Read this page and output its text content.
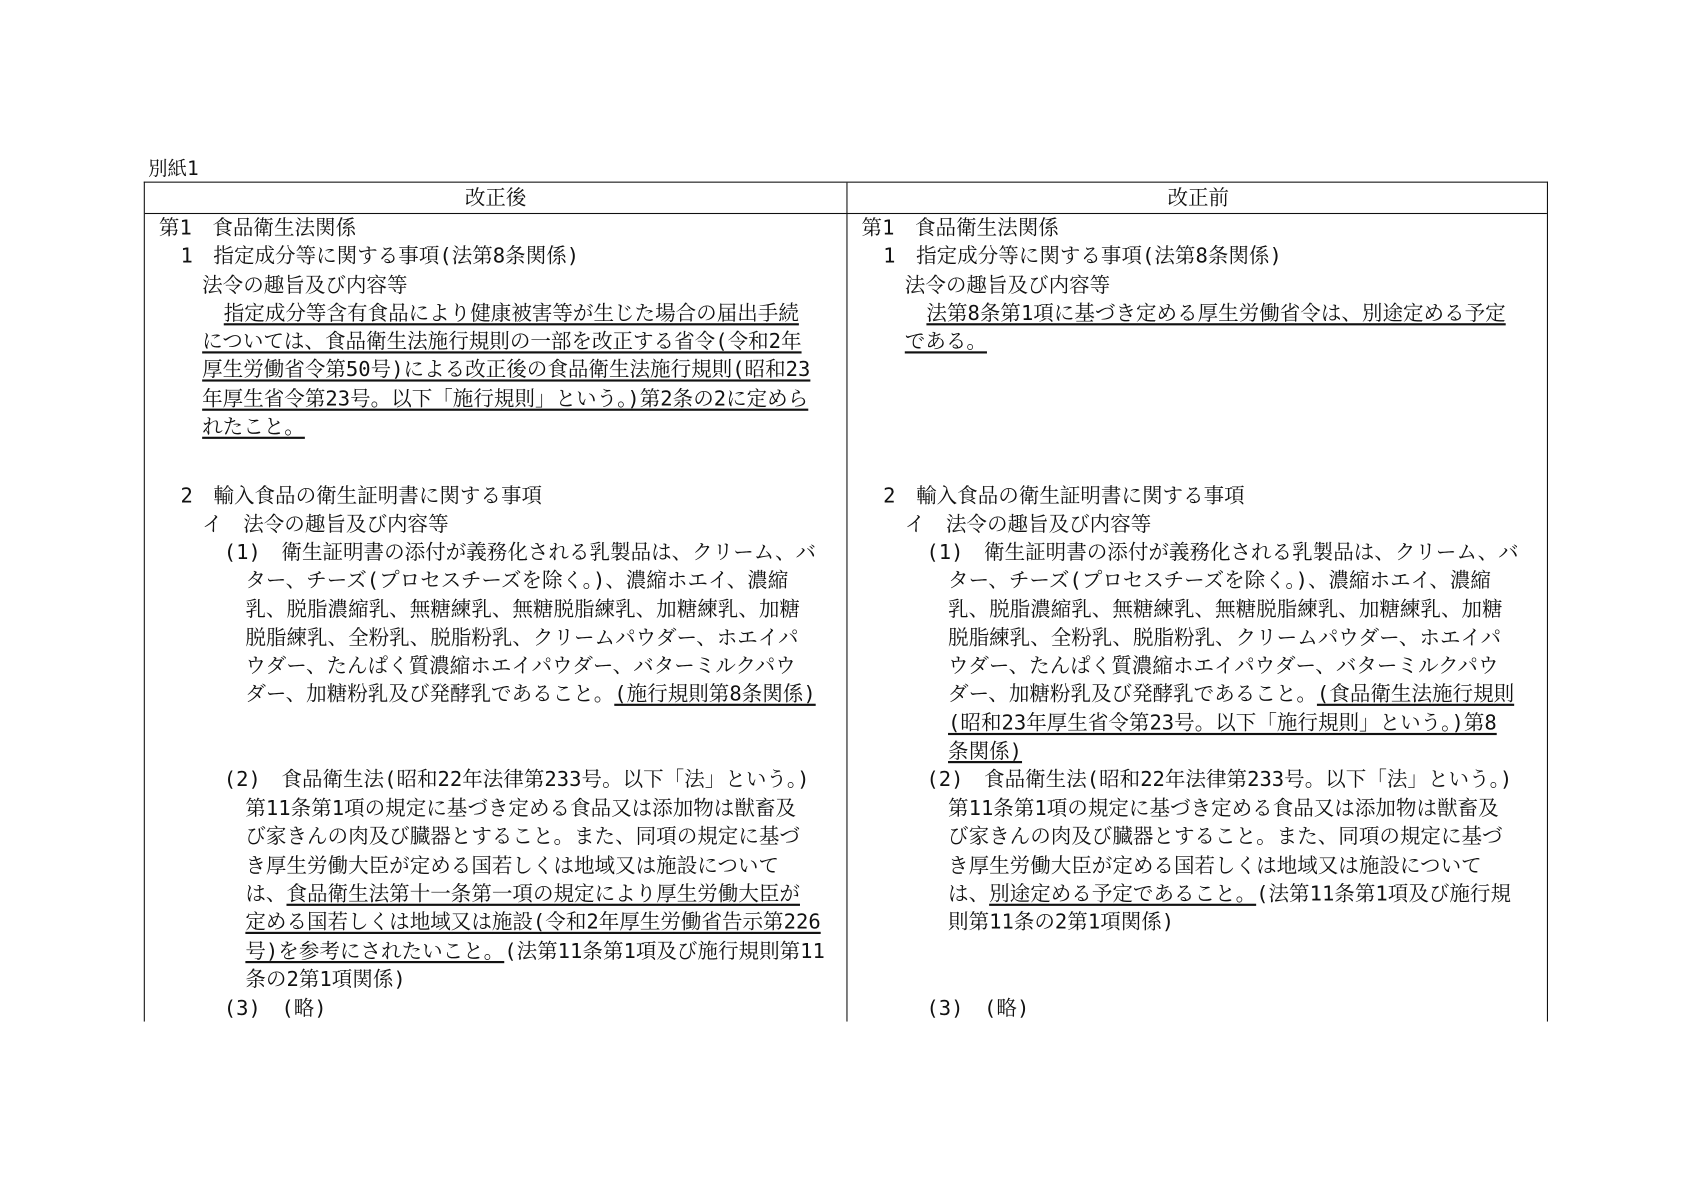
別紙1
改正後	改正前
第1　食品衛生法関係
1　指定成分等に関する事項(法第8条関係)
法令の趣旨及び内容等
指定成分等含有食品により健康被害等が生じた場合の届出手続
については、食品衛生法施行規則の一部を改正する省令(令和2年
厚生労働省令第50号)による改正後の食品衛生法施行規則(昭和23
年厚生省令第23号。以下「施行規則」という。)第2条の2に定めら
れたこと。
2　輸入食品の衛生証明書に関する事項
イ　法令の趣旨及び内容等
(1)　衛生証明書の添付が義務化される乳製品は、クリーム、バ
ター、チーズ(プロセスチーズを除く。)、濃縮ホエイ、濃縮
乳、脱脂濃縮乳、無糖練乳、無糖脱脂練乳、加糖練乳、加糖
脱脂練乳、全粉乳、脱脂粉乳、クリームパウダー、ホエイパ
ウダー、たんぱく質濃縮ホエイパウダー、バターミルクパウ
ダー、加糖粉乳及び発酵乳であること。(施行規則第8条関係)
(2)　食品衛生法(昭和22年法律第233号。以下「法」という。)
第11条第1項の規定に基づき定める食品又は添加物は獣畜及
び家きんの肉及び臓器とすること。また、同項の規定に基づ
き厚生労働大臣が定める国若しくは地域又は施設について
は、食品衛生法第十一条第一項の規定により厚生労働大臣が
定める国若しくは地域又は施設(令和2年厚生労働省告示第226
号)を参考にされたいこと。(法第11条第1項及び施行規則第11
条の2第1項関係)
(3)　(略)
第1　食品衛生法関係
1　指定成分等に関する事項(法第8条関係)
法令の趣旨及び内容等
法第8条第1項に基づき定める厚生労働省令は、別途定める予定
である。
2　輸入食品の衛生証明書に関する事項
イ　法令の趣旨及び内容等
(1)　衛生証明書の添付が義務化される乳製品は、クリーム、バ
ター、チーズ(プロセスチーズを除く。)、濃縮ホエイ、濃縮
乳、脱脂濃縮乳、無糖練乳、無糖脱脂練乳、加糖練乳、加糖
脱脂練乳、全粉乳、脱脂粉乳、クリームパウダー、ホエイパ
ウダー、たんぱく質濃縮ホエイパウダー、バターミルクパウ
ダー、加糖粉乳及び発酵乳であること。(食品衛生法施行規則
(昭和23年厚生省令第23号。以下「施行規則」という。)第8
条関係)
(2)　食品衛生法(昭和22年法律第233号。以下「法」という。)
第11条第1項の規定に基づき定める食品又は添加物は獣畜及
び家きんの肉及び臓器とすること。また、同項の規定に基づ
き厚生労働大臣が定める国若しくは地域又は施設について
は、別途定める予定であること。(法第11条第1項及び施行規
則第11条の2第1項関係)
(3)　(略)
